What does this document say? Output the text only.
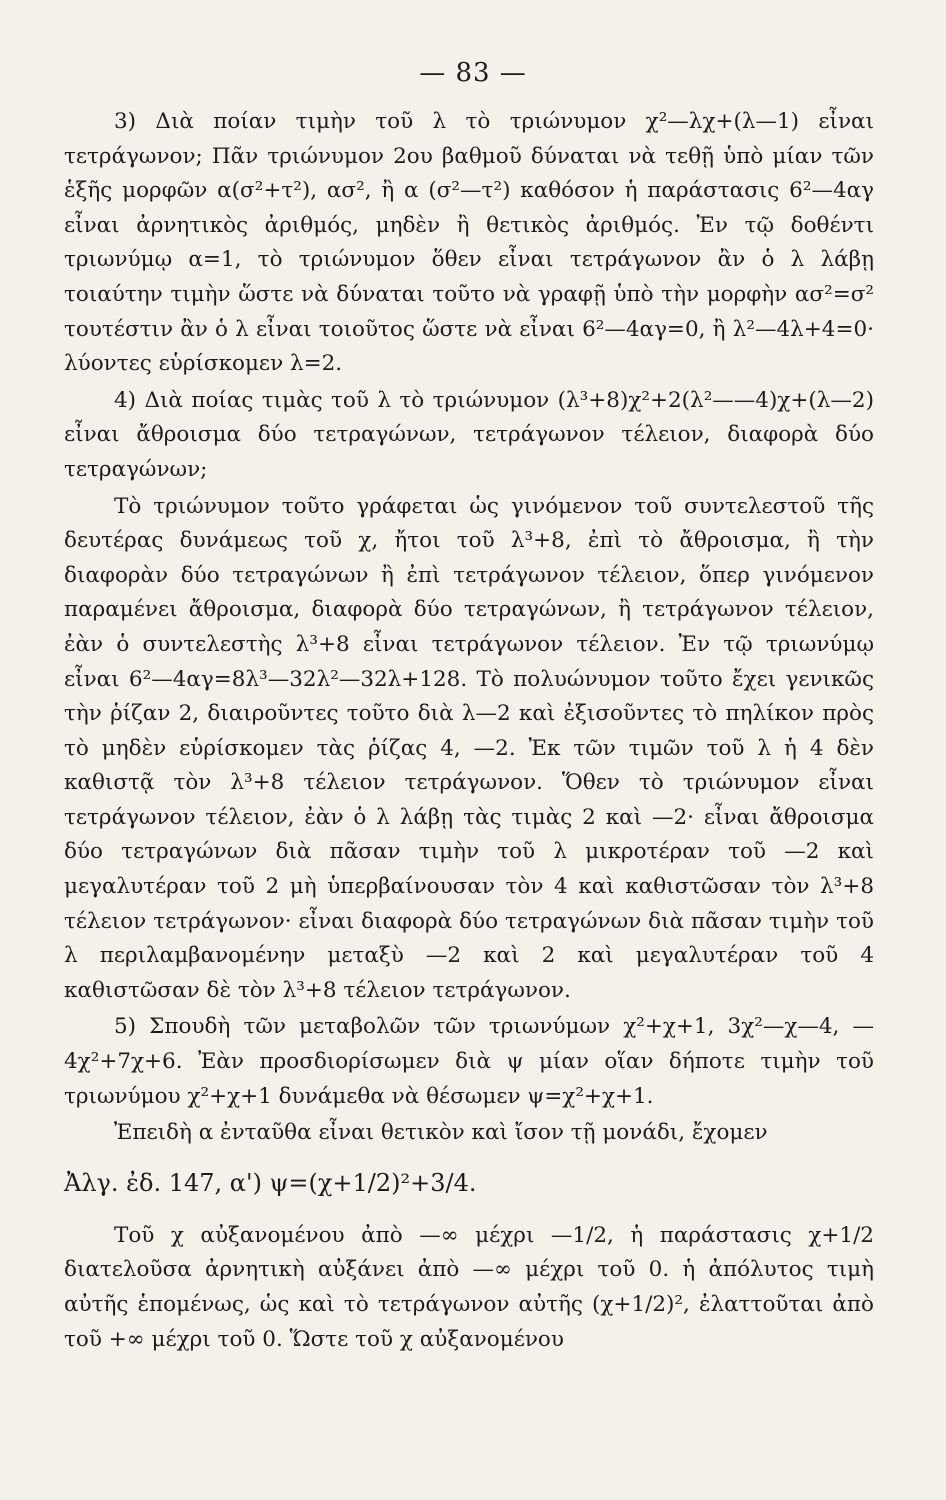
— 83 —

3) Διὰ ποίαν τιμὴν τοῦ λ τὸ τριώνυμον χ²—λχ+(λ—1) εἶναι τετράγωνον; Πᾶν τριώνυμον 2ου βαθμοῦ δύναται νὰ τεθῇ ὑπὸ μίαν τῶν ἑξῆς μορφῶν α(σ²+τ²), ασ², ἢ α (σ²—τ²) καθόσον ἡ παράστασις 6²—4αγ εἶναι ἀρνητικὸς ἀριθμός, μηδὲν ἢ θετικὸς ἀριθμός. Ἐν τῷ δοθέντι τριωνύμῳ α=1, τὸ τριώνυμον ὅθεν εἶναι τετράγωνον ἂν ὁ λ λάβῃ τοιαύτην τιμὴν ὥστε νὰ δύναται τοῦτο νὰ γραφῇ ὑπὸ τὴν μορφὴν ασ²=σ² τουτέστιν ἂν ὁ λ εἶναι τοιοῦτος ὥστε νὰ εἶναι 6²—4αγ=0, ἢ λ²—4λ+4=0· λύοντες εὑρίσκομεν λ=2.

4) Διὰ ποίας τιμὰς τοῦ λ τὸ τριώνυμον (λ³+8)χ²+2(λ²——4)χ+(λ—2) εἶναι ἄθροισμα δύο τετραγώνων, τετράγωνον τέλειον, διαφορὰ δύο τετραγώνων;

Τὸ τριώνυμον τοῦτο γράφεται ὡς γινόμενον τοῦ συντελεστοῦ τῆς δευτέρας δυνάμεως τοῦ χ, ἤτοι τοῦ λ³+8, ἐπὶ τὸ ἄθροισμα, ἢ τὴν διαφορὰν δύο τετραγώνων ἢ ἐπὶ τετράγωνον τέλειον, ὅπερ γινόμενον παραμένει ἄθροισμα, διαφορὰ δύο τετραγώνων, ἢ τετράγωνον τέλειον, ἐὰν ὁ συντελεστὴς λ³+8 εἶναι τετράγωνον τέλειον. Ἐν τῷ τριωνύμῳ εἶναι 6²—4αγ=8λ³—32λ²—32λ+128. Τὸ πολυώνυμον τοῦτο ἔχει γενικῶς τὴν ῥίζαν 2, διαιροῦντες τοῦτο διὰ λ—2 καὶ ἐξισοῦντες τὸ πηλίκον πρὸς τὸ μηδὲν εὑρίσκομεν τὰς ῥίζας 4, —2. Ἐκ τῶν τιμῶν τοῦ λ ἡ 4 δὲν καθιστᾷ τὸν λ³+8 τέλειον τετράγωνον. Ὅθεν τὸ τριώνυμον εἶναι τετράγωνον τέλειον, ἐὰν ὁ λ λάβῃ τὰς τιμὰς 2 καὶ —2· εἶναι ἄθροισμα δύο τετραγώνων διὰ πᾶσαν τιμὴν τοῦ λ μικροτέραν τοῦ —2 καὶ μεγαλυτέραν τοῦ 2 μὴ ὑπερβαίνουσαν τὸν 4 καὶ καθιστῶσαν τὸν λ³+8 τέλειον τετράγωνον· εἶναι διαφορὰ δύο τετραγώνων διὰ πᾶσαν τιμὴν τοῦ λ περιλαμβανομένην μεταξὺ —2 καὶ 2 καὶ μεγαλυτέραν τοῦ 4 καθιστῶσαν δὲ τὸν λ³+8 τέλειον τετράγωνον.

5) Σπουδὴ τῶν μεταβολῶν τῶν τριωνύμων χ²+χ+1, 3χ²—χ—4, —4χ²+7χ+6. Ἐὰν προσδιορίσωμεν διὰ ψ μίαν οἵαν δήποτε τιμὴν τοῦ τριωνύμου χ²+χ+1 δυνάμεθα νὰ θέσωμεν ψ=χ²+χ+1.

Ἐπειδὴ α ἐνταῦθα εἶναι θετικὸν καὶ ἴσον τῇ μονάδι, ἔχομεν

Ἀλγ. ἐδ. 147, α') ψ=(χ+1/2)²+3/4.

Τοῦ χ αὐξανομένου ἀπὸ —∞ μέχρι —1/2, ἡ παράστασις χ+1/2 διατελοῦσα ἀρνητικὴ αὐξάνει ἀπὸ —∞ μέχρι τοῦ 0. ἡ ἀπόλυτος τιμὴ αὐτῆς ἑπομένως, ὡς καὶ τὸ τετράγωνον αὐτῆς (χ+1/2)², ἐλαττοῦται ἀπὸ τοῦ +∞ μέχρι τοῦ 0. Ὥστε τοῦ χ αὐξανομένου
